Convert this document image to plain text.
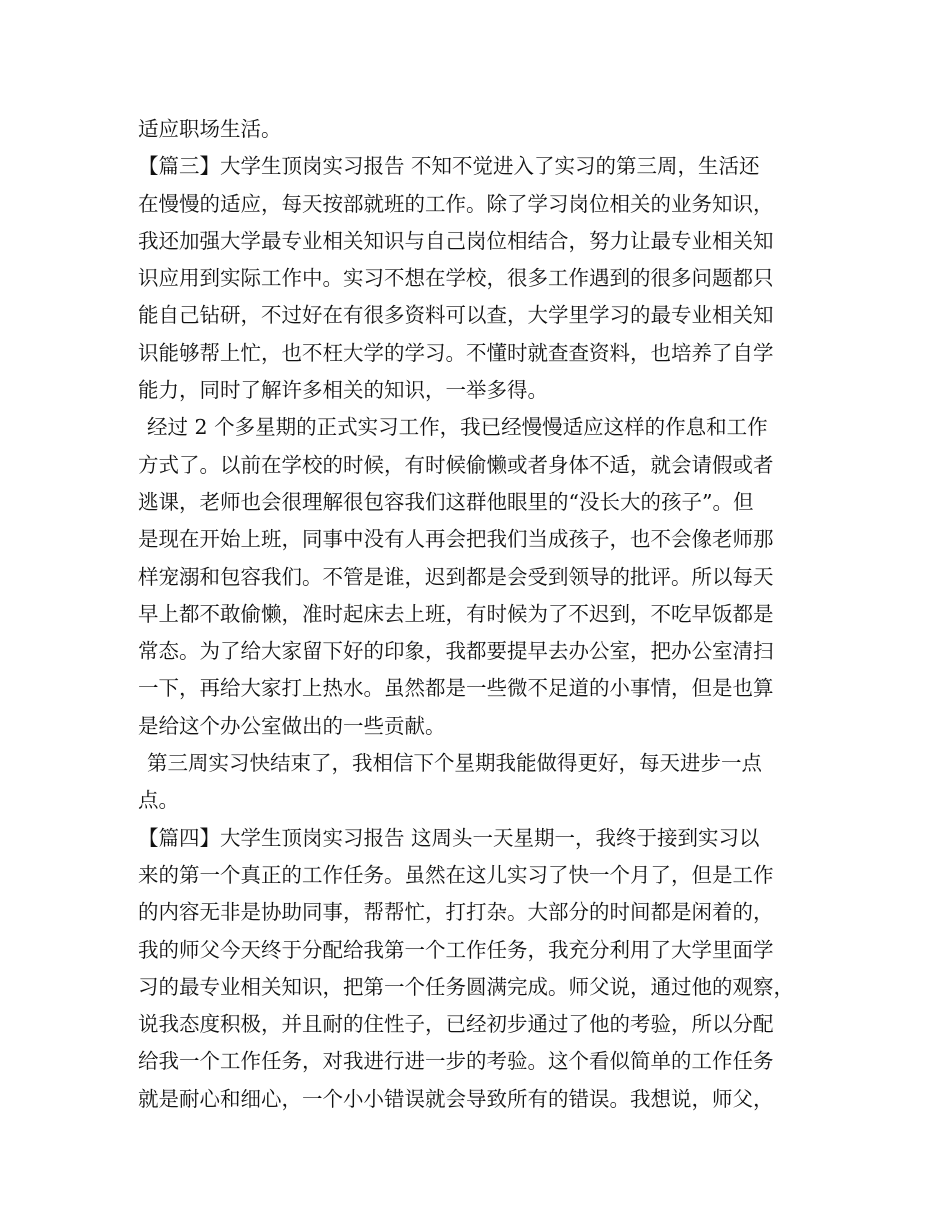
适应职场生活。
【篇三】大学生顶岗实习报告 不知不觉进入了实习的第三周，生活还
在慢慢的适应，每天按部就班的工作。除了学习岗位相关的业务知识，
我还加强大学最专业相关知识与自己岗位相结合，努力让最专业相关知
识应用到实际工作中。实习不想在学校，很多工作遇到的很多问题都只
能自己钻研，不过好在有很多资料可以查，大学里学习的最专业相关知
识能够帮上忙，也不枉大学的学习。不懂时就查查资料，也培养了自学
能力，同时了解许多相关的知识，一举多得。
经过 2 个多星期的正式实习工作，我已经慢慢适应这样的作息和工作
方式了。以前在学校的时候，有时候偷懒或者身体不适，就会请假或者
逃课，老师也会很理解很包容我们这群他眼里的“没长大的孩子”。但
是现在开始上班，同事中没有人再会把我们当成孩子，也不会像老师那
样宠溺和包容我们。不管是谁，迟到都是会受到领导的批评。所以每天
早上都不敢偷懒，准时起床去上班，有时候为了不迟到，不吃早饭都是
常态。为了给大家留下好的印象，我都要提早去办公室，把办公室清扫
一下，再给大家打上热水。虽然都是一些微不足道的小事情，但是也算
是给这个办公室做出的一些贡献。
第三周实习快结束了，我相信下个星期我能做得更好，每天进步一点
点。
【篇四】大学生顶岗实习报告 这周头一天星期一，我终于接到实习以
来的第一个真正的工作任务。虽然在这儿实习了快一个月了，但是工作
的内容无非是协助同事，帮帮忙，打打杂。大部分的时间都是闲着的，
我的师父今天终于分配给我第一个工作任务，我充分利用了大学里面学
习的最专业相关知识，把第一个任务圆满完成。师父说，通过他的观察，
说我态度积极，并且耐的住性子，已经初步通过了他的考验，所以分配
给我一个工作任务，对我进行进一步的考验。这个看似简单的工作任务
就是耐心和细心，一个小小错误就会导致所有的错误。我想说，师父，
